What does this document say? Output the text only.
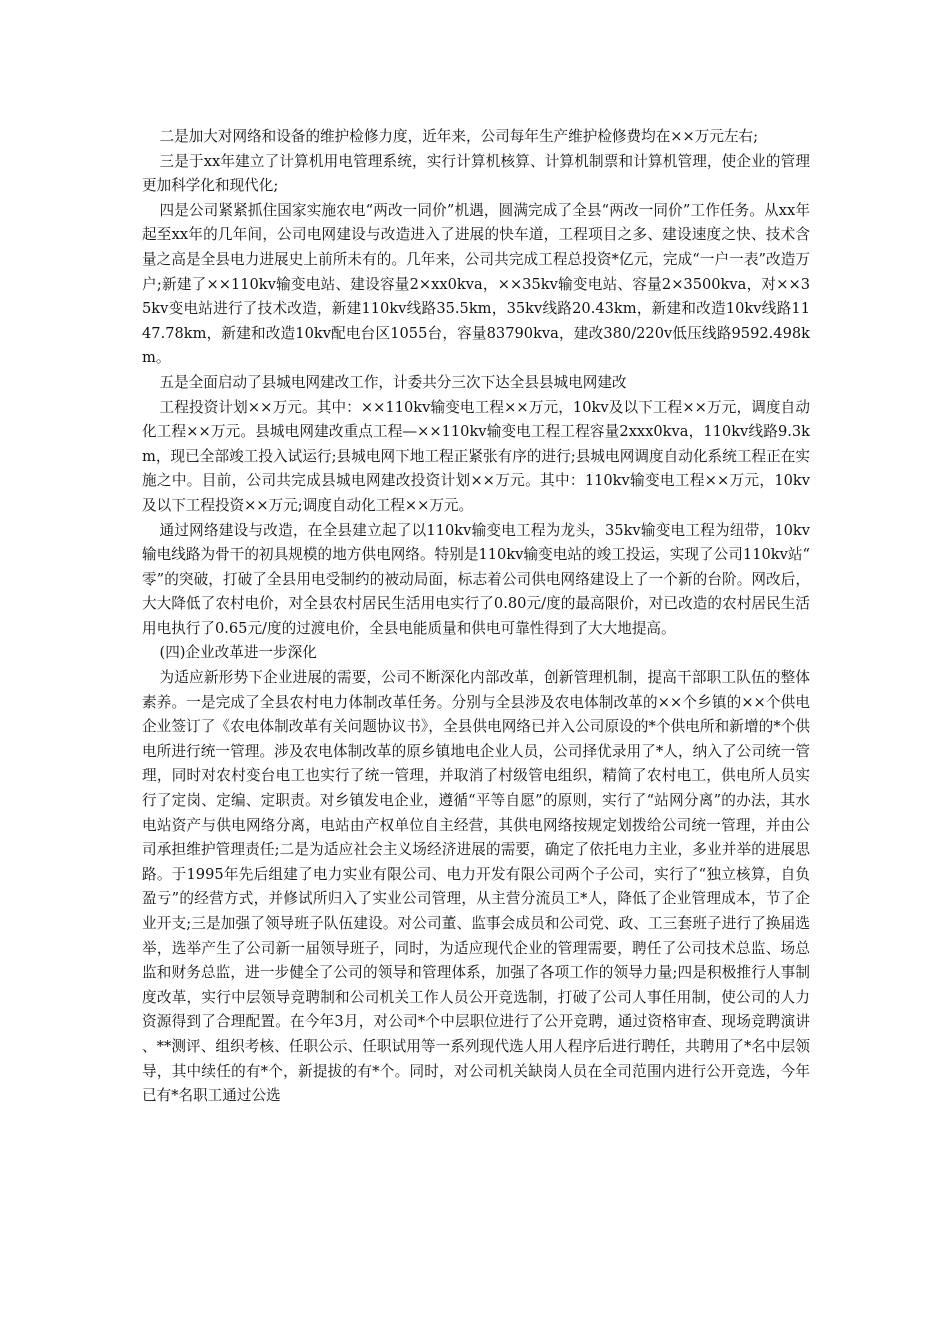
二是加大对网络和设备的维护检修力度，近年来，公司每年生产维护检修费均在××万元左右;

三是于xx年建立了计算机用电管理系统，实行计算机核算、计算机制票和计算机管理，使企业的管理更加科学化和现代化;

四是公司紧紧抓住国家实施农电“两改一同价”机遇，圆满完成了全县“两改一同价”工作任务。从xx年起至xx年的几年间，公司电网建设与改造进入了进展的快车道，工程项目之多、建设速度之快、技术含量之高是全县电力进展史上前所未有的。几年来，公司共完成工程总投资*亿元，完成“一户一表”改造万户;新建了××110kv输变电站、建设容量2×xx0kva，××35kv输变电站、容量2×3500kva，对××35kv变电站进行了技术改造，新建110kv线路35.5km，35kv线路20.43km，新建和改造10kv线路1147.78km，新建和改造10kv配电台区1055台，容量83790kva，建改380/220v低压线路9592.498km。

五是全面启动了县城电网建改工作，计委共分三次下达全县县城电网建改

工程投资计划××万元。其中：××110kv输变电工程××万元，10kv及以下工程××万元，调度自动化工程××万元。县城电网建改重点工程—××110kv输变电工程工程容量2xxx0kva，110kv线路9.3km，现已全部竣工投入试运行;县城电网下地工程正紧张有序的进行;县城电网调度自动化系统工程正在实施之中。目前，公司共完成县城电网建改投资计划××万元。其中：110kv输变电工程××万元，10kv及以下工程投资××万元;调度自动化工程××万元。

通过网络建设与改造，在全县建立起了以110kv输变电工程为龙头，35kv输变电工程为纽带，10kv输电线路为骨干的初具规模的地方供电网络。特别是110kv输变电站的竣工投运，实现了公司110kv站“零”的突破，打破了全县用电受制约的被动局面，标志着公司供电网络建设上了一个新的台阶。网改后，大大降低了农村电价，对全县农村居民生活用电实行了0.80元/度的最高限价，对已改造的农村居民生活用电执行了0.65元/度的过渡电价，全县电能质量和供电可靠性得到了大大地提高。

(四)企业改革进一步深化

为适应新形势下企业进展的需要，公司不断深化内部改革，创新管理机制，提高干部职工队伍的整体素养。一是完成了全县农村电力体制改革任务。分别与全县涉及农电体制改革的××个乡镇的××个供电企业签订了《农电体制改革有关问题协议书》，全县供电网络已并入公司原设的*个供电所和新增的*个供电所进行统一管理。涉及农电体制改革的原乡镇地电企业人员，公司择优录用了*人，纳入了公司统一管理，同时对农村变台电工也实行了统一管理，并取消了村级管电组织，精简了农村电工，供电所人员实行了定岗、定编、定职责。对乡镇发电企业，遵循“平等自愿”的原则，实行了“站网分离”的办法，其水电站资产与供电网络分离，电站由产权单位自主经营，其供电网络按规定划拨给公司统一管理，并由公司承担维护管理责任;二是为适应社会主义场经济进展的需要，确定了依托电力主业，多业并举的进展思路。于1995年先后组建了电力实业有限公司、电力开发有限公司两个子公司，实行了“独立核算，自负盈亏”的经营方式，并修试所归入了实业公司管理，从主营分流员工*人，降低了企业管理成本，节了企业开支;三是加强了领导班子队伍建设。对公司董、监事会成员和公司党、政、工三套班子进行了换届选举，选举产生了公司新一届领导班子，同时，为适应现代企业的管理需要，聘任了公司技术总监、场总监和财务总监，进一步健全了公司的领导和管理体系，加强了各项工作的领导力量;四是积极推行人事制度改革，实行中层领导竞聘制和公司机关工作人员公开竞选制，打破了公司人事任用制，使公司的人力资源得到了合理配置。在今年3月，对公司*个中层职位进行了公开竞聘，通过资格审查、现场竞聘演讲、**测评、组织考核、任职公示、任职试用等一系列现代选人用人程序后进行聘任，共聘用了*名中层领导，其中续任的有*个，新提拔的有*个。同时，对公司机关缺岗人员在全司范围内进行公开竞选，今年已有*名职工通过公选
